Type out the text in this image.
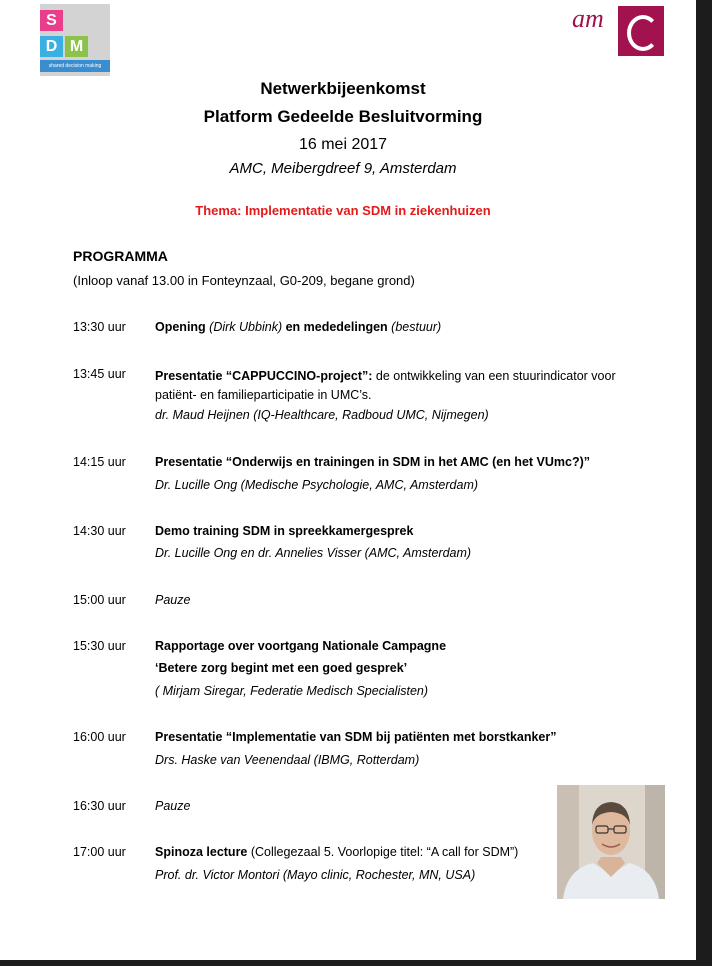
S
D M
shared decision making
am
Netwerkbijeenkomst
Platform Gedeelde Besluitvorming
16 mei 2017
AMC, Meibergdreef 9, Amsterdam
Thema: Implementatie van SDM in ziekenhuizen
PROGRAMMA
(Inloop vanaf 13.00 in Fonteynzaal, G0-209, begane grond)
13:30 uur Opening (Dirk Ubbink) en mededelingen (bestuur)
13:45 uur Presentatie “CAPPUCCINO-project”: de ontwikkeling van een stuurindicator voor patiënt- en familieparticipatie in UMC’s.
dr. Maud Heijnen (IQ-Healthcare, Radboud UMC, Nijmegen)
14:15 uur Presentatie “Onderwijs en trainingen in SDM in het AMC (en het VUmc?)”
Dr. Lucille Ong (Medische Psychologie, AMC, Amsterdam)
14:30 uur Demo training SDM in spreekkamergesprek
Dr. Lucille Ong en dr. Annelies Visser (AMC, Amsterdam)
15:00 uur Pauze
15:30 uur Rapportage over voortgang Nationale Campagne
‘Betere zorg begint met een goed gesprek’
( Mirjam Siregar, Federatie Medisch Specialisten)
16:00 uur Presentatie “Implementatie van SDM bij patiënten met borstkanker”
Drs. Haske van Veenendaal (IBMG, Rotterdam)
16:30 uur Pauze
17:00 uur Spinoza lecture (Collegezaal 5. Voorlopige titel: “A call for SDM”)
Prof. dr. Victor Montori (Mayo clinic, Rochester, MN, USA)
